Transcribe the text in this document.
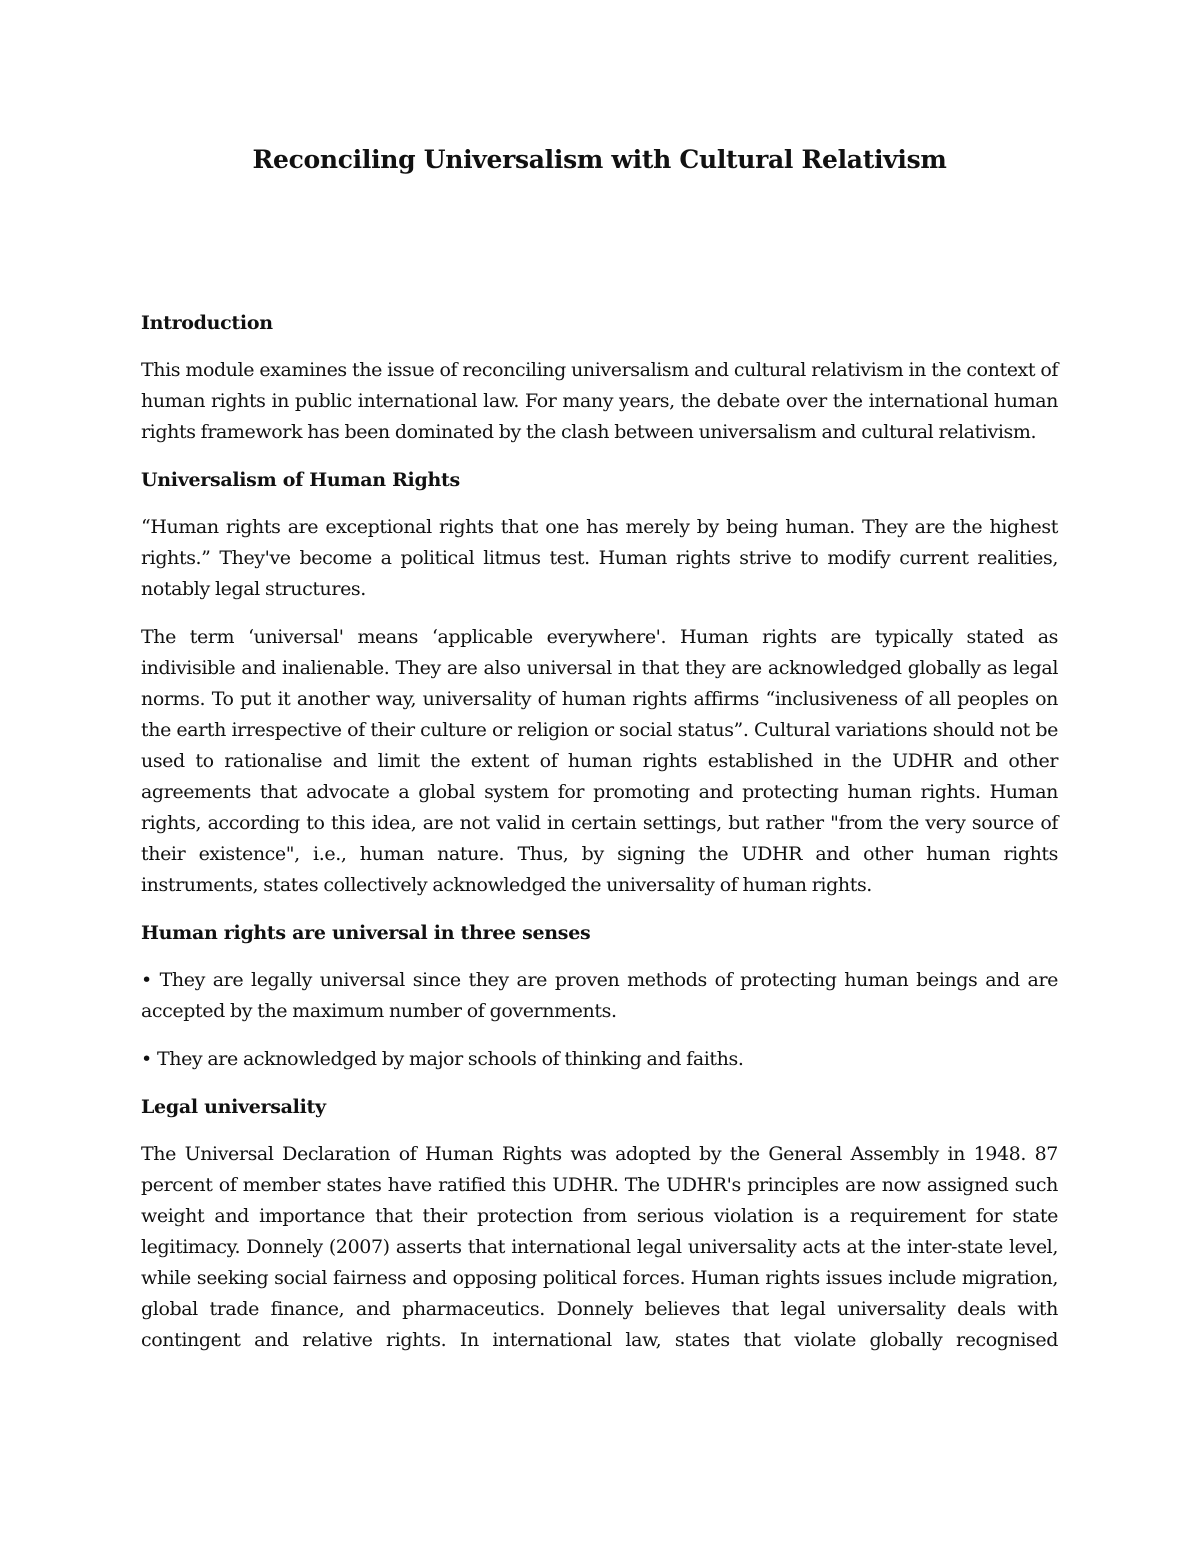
Reconciling Universalism with Cultural Relativism
Introduction

This module examines the issue of reconciling universalism and cultural relativism in the context of human rights in public international law. For many years, the debate over the international human rights framework has been dominated by the clash between universalism and cultural relativism.

Universalism of Human Rights

“Human rights are exceptional rights that one has merely by being human. They are the highest rights.” They've become a political litmus test. Human rights strive to modify current realities, notably legal structures.

The term ‘universal' means ‘applicable everywhere'. Human rights are typically stated as indivisible and inalienable. They are also universal in that they are acknowledged globally as legal norms. To put it another way, universality of human rights affirms “inclusiveness of all peoples on the earth irrespective of their culture or religion or social status”. Cultural variations should not be used to rationalise and limit the extent of human rights established in the UDHR and other agreements that advocate a global system for promoting and protecting human rights. Human rights, according to this idea, are not valid in certain settings, but rather "from the very source of their existence", i.e., human nature. Thus, by signing the UDHR and other human rights instruments, states collectively acknowledged the universality of human rights.

Human rights are universal in three senses
• They are legally universal since they are proven methods of protecting human beings and are accepted by the maximum number of governments.
• They are acknowledged by major schools of thinking and faiths.
Legal universality

The Universal Declaration of Human Rights was adopted by the General Assembly in 1948. 87 percent of member states have ratified this UDHR. The UDHR's principles are now assigned such weight and importance that their protection from serious violation is a requirement for state legitimacy. Donnely (2007) asserts that international legal universality acts at the inter-state level, while seeking social fairness and opposing political forces. Human rights issues include migration, global trade finance, and pharmaceutics. Donnely believes that legal universality deals with contingent and relative rights. In international law, states that violate globally recognised
